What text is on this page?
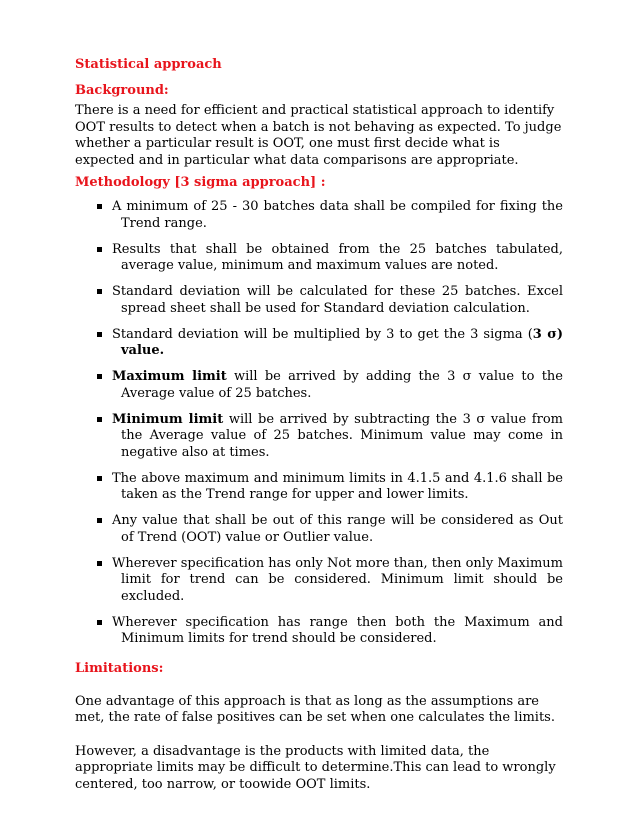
Statistical approach

Background:

There is a need for efficient and practical statistical approach to identify OOT results to detect when a batch is not behaving as expected. To judge whether a particular result is OOT, one must first decide what is expected and in particular what data comparisons are appropriate.

Methodology [3 sigma approach] :

A minimum of 25 - 30 batches data shall be compiled for fixing the Trend range.
Results that shall be obtained from the 25 batches tabulated, average value, minimum and maximum values are noted.
Standard deviation will be calculated for these 25 batches. Excel spread sheet shall be used for Standard deviation calculation.
Standard deviation will be multiplied by 3 to get the 3 sigma (3 σ) value.
Maximum limit will be arrived by adding the 3 σ value to the Average value of 25 batches.
Minimum limit will be arrived by subtracting the 3 σ value from the Average value of 25 batches. Minimum value may come in negative also at times.
The above maximum and minimum limits in 4.1.5 and 4.1.6 shall be taken as the Trend range for upper and lower limits.
Any value that shall be out of this range will be considered as Out of Trend (OOT) value or Outlier value.
Wherever specification has only Not more than, then only Maximum limit for trend can be considered. Minimum limit should be excluded.
Wherever specification has range then both the Maximum and Minimum limits for trend should be considered.

Limitations:

One advantage of this approach is that as long as the assumptions are met, the rate of false positives can be set when one calculates the limits.

However, a disadvantage is the products with limited data, the appropriate limits may be difficult to determine.This can lead to wrongly centered, too narrow, or toowide OOT limits.
